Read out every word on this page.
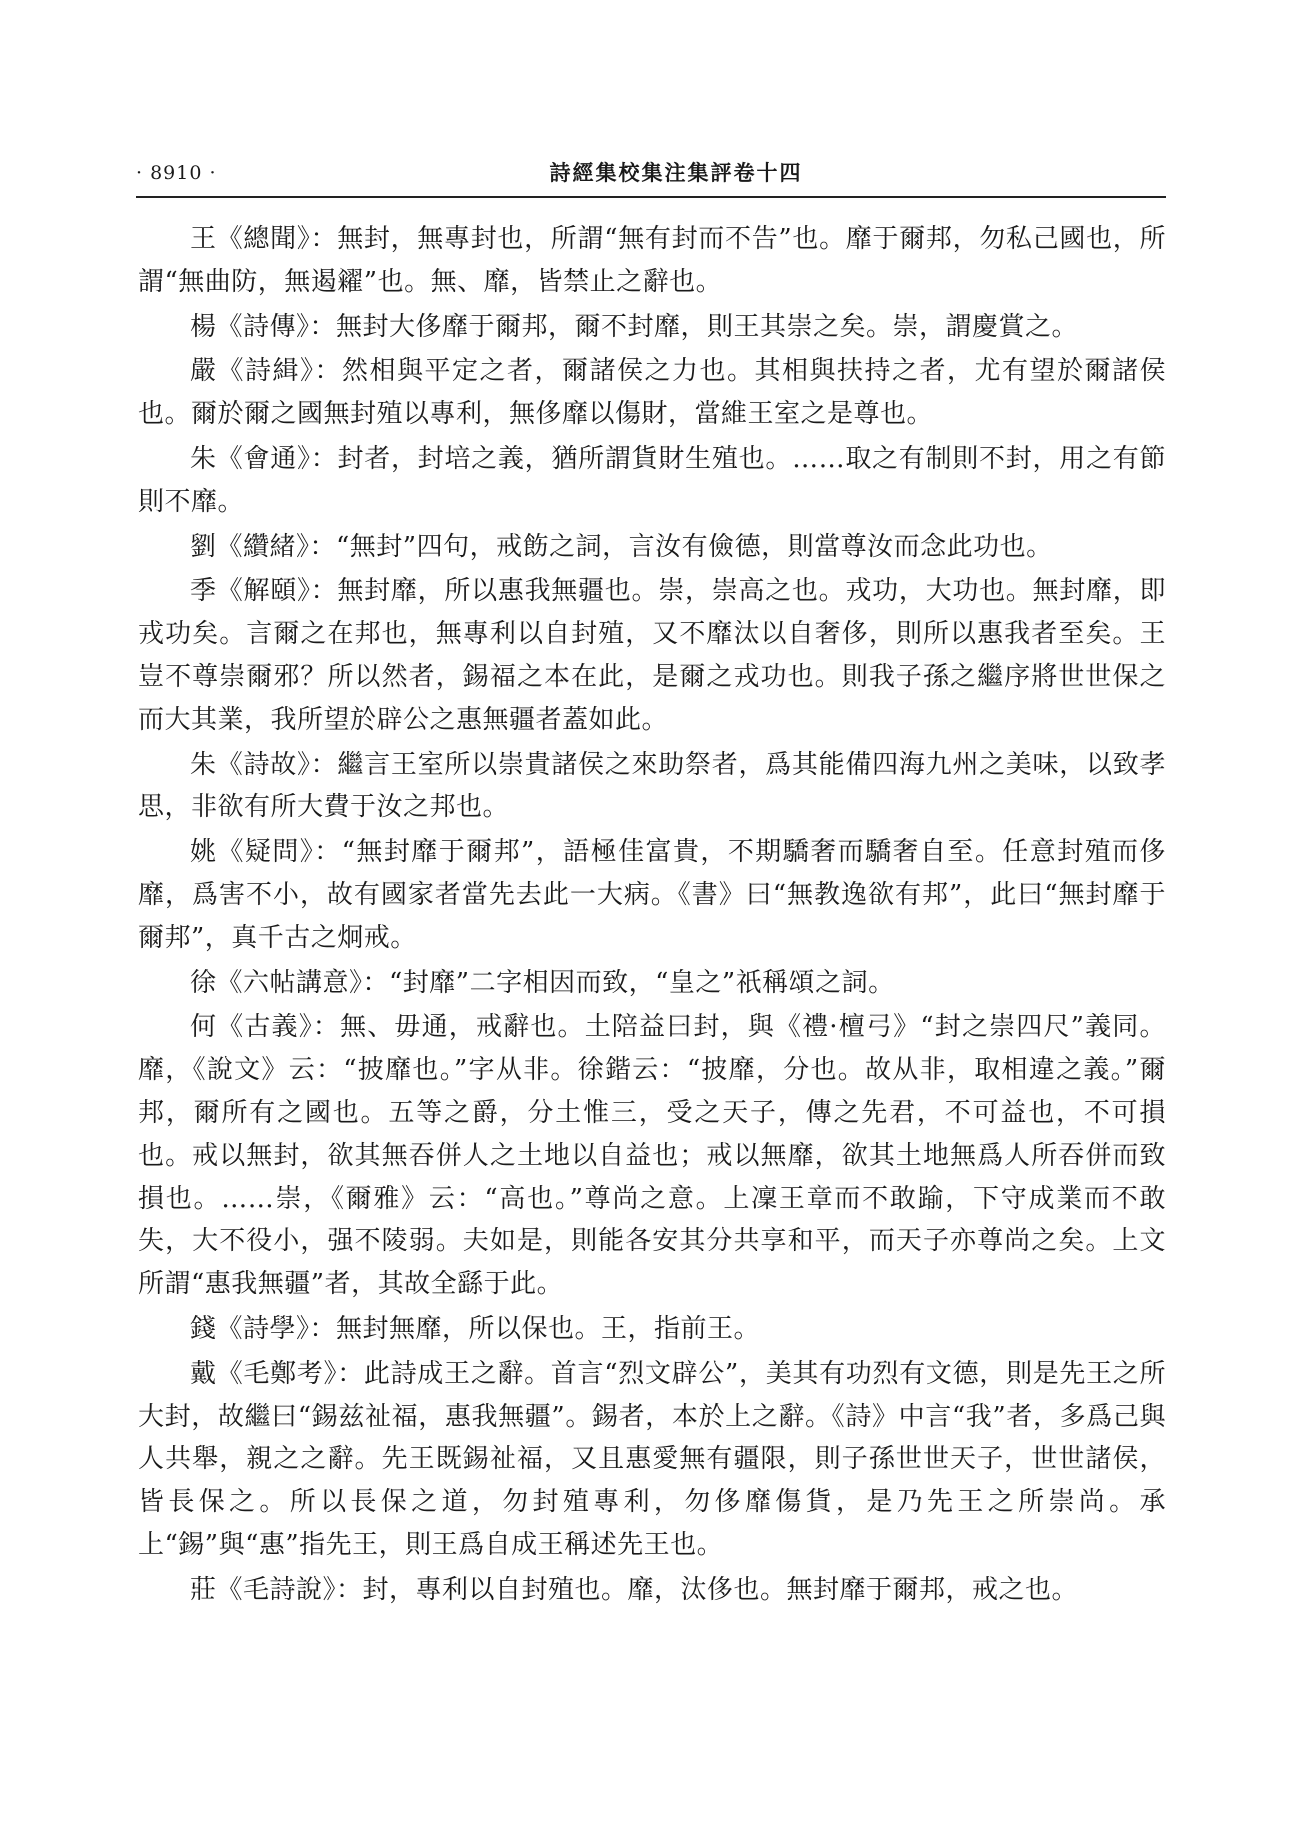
· 8910 ·	詩經集校集注集評卷十四

王《總聞》：無封，無專封也，所謂“無有封而不告”也。靡于爾邦，勿私己國也，所謂“無曲防，無遏糴”也。無、靡，皆禁止之辭也。

楊《詩傳》：無封大侈靡于爾邦，爾不封靡，則王其崇之矣。崇，謂慶賞之。

嚴《詩緝》：然相與平定之者，爾諸侯之力也。其相與扶持之者，尤有望於爾諸侯也。爾於爾之國無封殖以專利，無侈靡以傷財，當維王室之是尊也。

朱《會通》：封者，封培之義，猶所謂貨財生殖也。……取之有制則不封，用之有節則不靡。

劉《纘緒》：“無封”四句，戒飭之詞，言汝有儉德，則當尊汝而念此功也。

季《解頤》：無封靡，所以惠我無疆也。崇，崇高之也。戎功，大功也。無封靡，即戎功矣。言爾之在邦也，無專利以自封殖，又不靡汰以自奢侈，則所以惠我者至矣。王豈不尊崇爾邪？所以然者，錫福之本在此，是爾之戎功也。則我子孫之繼序將世世保之而大其業，我所望於辟公之惠無疆者蓋如此。

朱《詩故》：繼言王室所以崇貴諸侯之來助祭者，爲其能備四海九州之美味，以致孝思，非欲有所大費于汝之邦也。

姚《疑問》：“無封靡于爾邦”，語極佳富貴，不期驕奢而驕奢自至。任意封殖而侈靡，爲害不小，故有國家者當先去此一大病。《書》曰“無教逸欲有邦”，此曰“無封靡于爾邦”，真千古之炯戒。

徐《六帖講意》：“封靡”二字相因而致，“皇之”祇稱頌之詞。

何《古義》：無、毋通，戒辭也。土陪益曰封，與《禮·檀弓》“封之崇四尺”義同。靡，《說文》云：“披靡也。”字从非。徐鍇云：“披靡，分也。故从非，取相違之義。”爾邦，爾所有之國也。五等之爵，分土惟三，受之天子，傳之先君，不可益也，不可損也。戒以無封，欲其無吞併人之土地以自益也；戒以無靡，欲其土地無爲人所吞併而致損也。……崇，《爾雅》云：“高也。”尊尚之意。上凜王章而不敢踰，下守成業而不敢失，大不役小，强不陵弱。夫如是，則能各安其分共享和平，而天子亦尊尚之矣。上文所謂“惠我無疆”者，其故全繇于此。

錢《詩學》：無封無靡，所以保也。王，指前王。

戴《毛鄭考》：此詩成王之辭。首言“烈文辟公”，美其有功烈有文德，則是先王之所大封，故繼曰“錫兹祉福，惠我無疆”。錫者，本於上之辭。《詩》中言“我”者，多爲己與人共舉，親之之辭。先王既錫祉福，又且惠愛無有疆限，則子孫世世天子，世世諸侯，皆長保之。所以長保之道，勿封殖專利，勿侈靡傷貨，是乃先王之所崇尚。承上“錫”與“惠”指先王，則王爲自成王稱述先王也。

莊《毛詩說》：封，專利以自封殖也。靡，汰侈也。無封靡于爾邦，戒之也。
